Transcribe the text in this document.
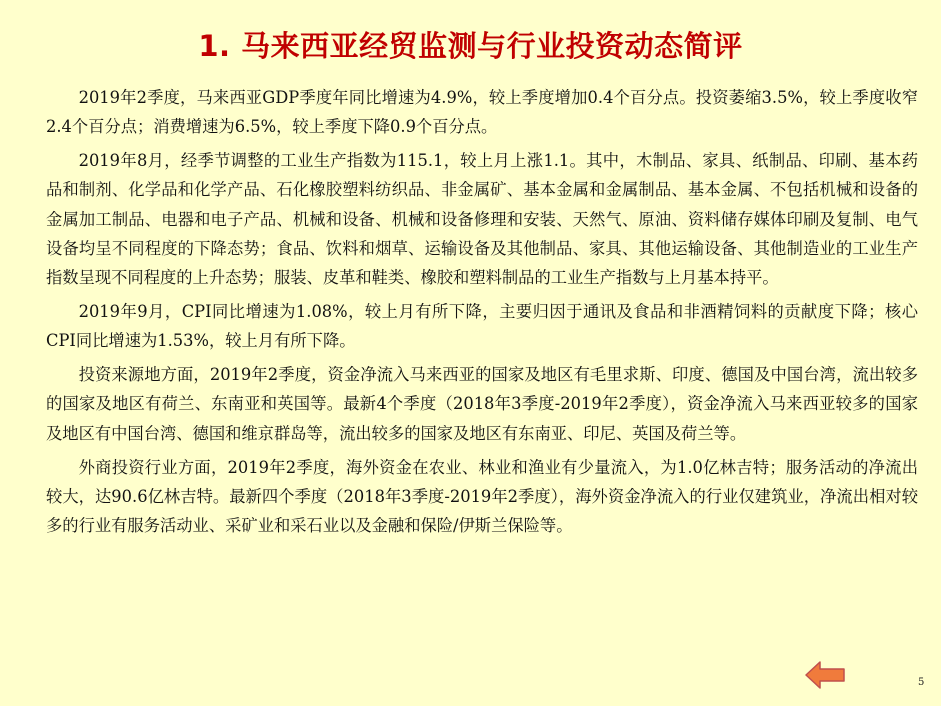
1. 马来西亚经贸监测与行业投资动态简评

2019年2季度，马来西亚GDP季度年同比增速为4.9%，较上季度增加0.4个百分点。投资萎缩3.5%，较上季度收窄2.4个百分点；消费增速为6.5%，较上季度下降0.9个百分点。

2019年8月，经季节调整的工业生产指数为115.1，较上月上涨1.1。其中，木制品、家具、纸制品、印刷、基本药品和制剂、化学品和化学产品、石化橡胶塑料纺织品、非金属矿、基本金属和金属制品、基本金属、不包括机械和设备的金属加工制品、电器和电子产品、机械和设备、机械和设备修理和安装、天然气、原油、资料储存媒体印刷及复制、电气设备均呈不同程度的下降态势；食品、饮料和烟草、运输设备及其他制品、家具、其他运输设备、其他制造业的工业生产指数呈现不同程度的上升态势；服装、皮革和鞋类、橡胶和塑料制品的工业生产指数与上月基本持平。

2019年9月，CPI同比增速为1.08%，较上月有所下降，主要归因于通讯及食品和非酒精饲料的贡献度下降；核心CPI同比增速为1.53%，较上月有所下降。

投资来源地方面，2019年2季度，资金净流入马来西亚的国家及地区有毛里求斯、印度、德国及中国台湾，流出较多的国家及地区有荷兰、东南亚和英国等。最新4个季度（2018年3季度-2019年2季度），资金净流入马来西亚较多的国家及地区有中国台湾、德国和维京群岛等，流出较多的国家及地区有东南亚、印尼、英国及荷兰等。

外商投资行业方面，2019年2季度，海外资金在农业、林业和渔业有少量流入，为1.0亿林吉特；服务活动的净流出较大，达90.6亿林吉特。最新四个季度（2018年3季度-2019年2季度），海外资金净流入的行业仅建筑业，净流出相对较多的行业有服务活动业、采矿业和采石业以及金融和保险/伊斯兰保险等。

5
